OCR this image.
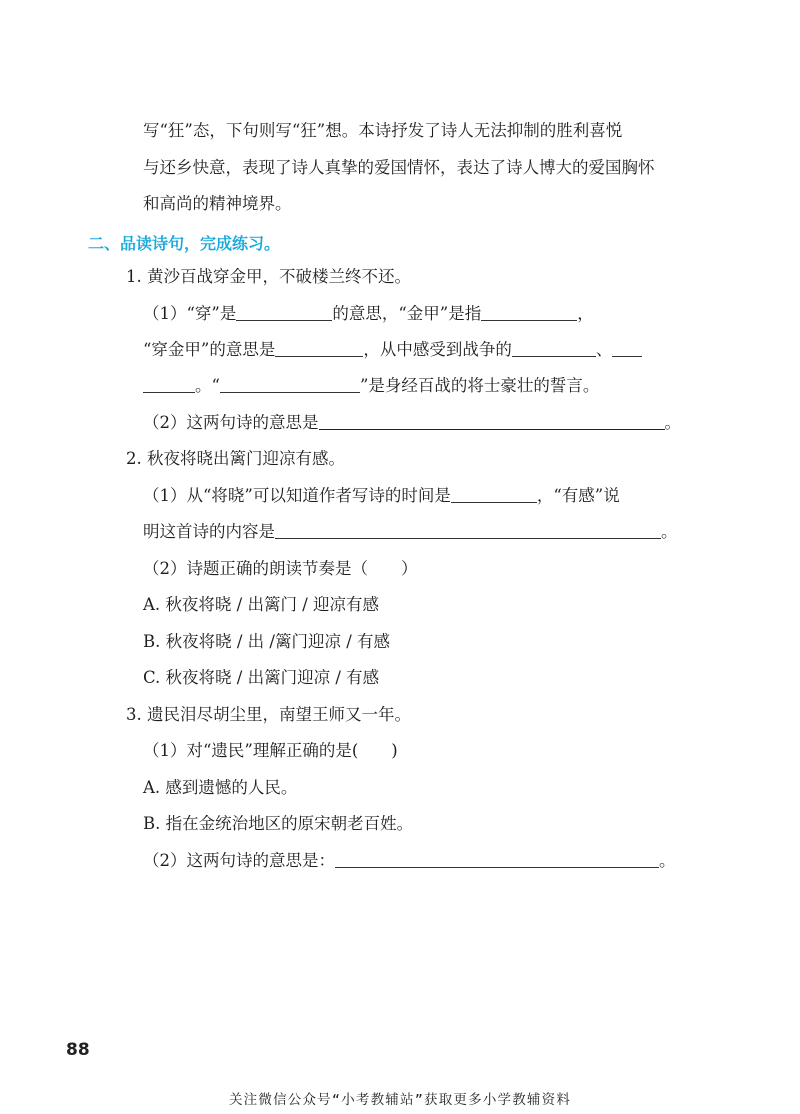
写“狂”态，下句则写“狂”想。本诗抒发了诗人无法抑制的胜利喜悦
与还乡快意，表现了诗人真挚的爱国情怀，表达了诗人博大的爱国胸怀
和高尚的精神境界。
二、品读诗句，完成练习。
1. 黄沙百战穿金甲，不破楼兰终不还。
（1）“穿”是	的意思，“金甲”是指	，
“穿金甲”的意思是	，从中感受到战争的	、
。“	”是身经百战的将士豪壮的誓言。
（2）这两句诗的意思是	。
2. 秋夜将晓出篱门迎凉有感。
（1）从“将晓”可以知道作者写诗的时间是	，“有感”说
明这首诗的内容是	。
（2）诗题正确的朗读节奏是（　　）
A. 秋夜将晓 / 出篱门 / 迎凉有感
B. 秋夜将晓 / 出 /篱门迎凉 / 有感
C. 秋夜将晓 / 出篱门迎凉 / 有感
3. 遗民泪尽胡尘里，南望王师又一年。
（1）对“遗民”理解正确的是(　　)
A. 感到遗憾的人民。
B. 指在金统治地区的原宋朝老百姓。
（2）这两句诗的意思是：	。
88
关注微信公众号“小考教辅站”获取更多小学教辅资料
